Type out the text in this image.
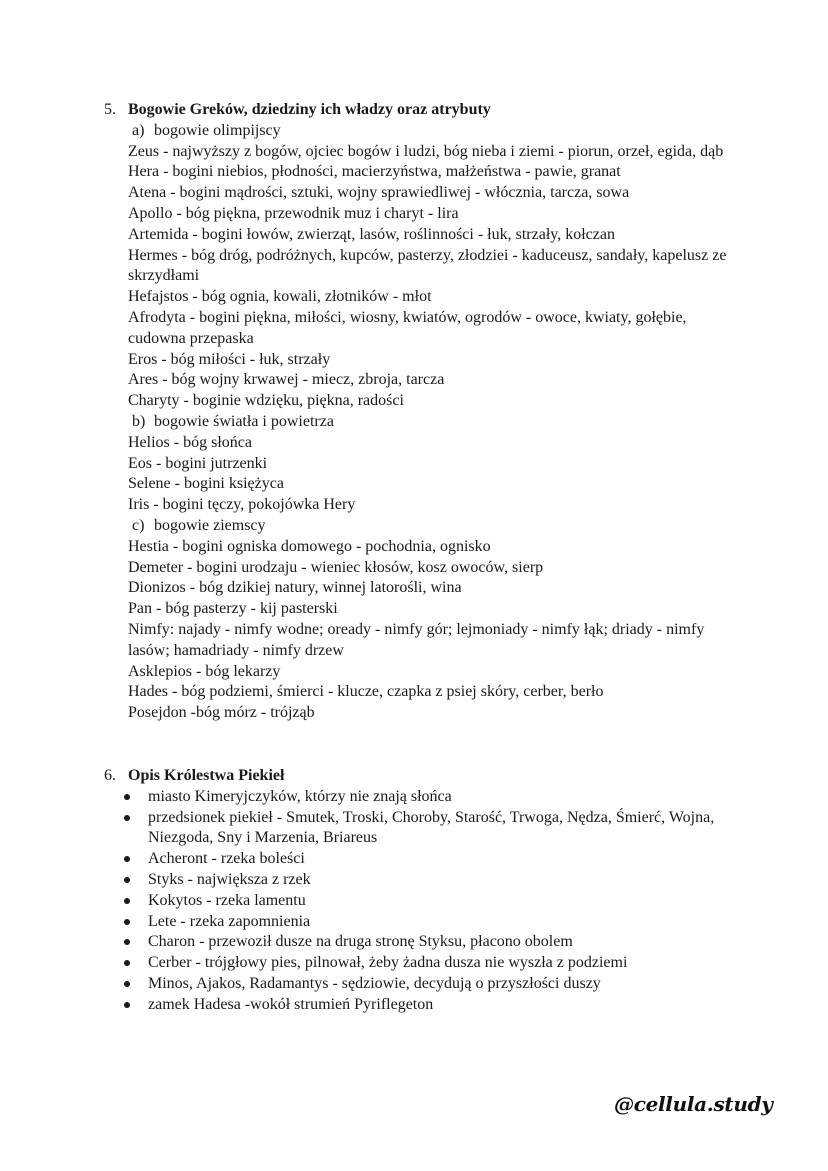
5. Bogowie Greków, dziedziny ich władzy oraz atrybuty
a) bogowie olimpijscy
Zeus - najwyższy z bogów, ojciec bogów i ludzi, bóg nieba i ziemi - piorun, orzeł, egida, dąb
Hera - bogini niebios, płodności, macierzyństwa, małżeństwa - pawie, granat
Atena - bogini mądrości, sztuki, wojny sprawiedliwej - włócznia, tarcza, sowa
Apollo - bóg piękna, przewodnik muz i charyt - lira
Artemida - bogini łowów, zwierząt, lasów, roślinności - łuk, strzały, kołczan
Hermes - bóg dróg, podróżnych, kupców, pasterzy, złodziei - kaduceusz, sandały, kapelusz ze skrzydłami
Hefajstos - bóg ognia, kowali, złotników - młot
Afrodyta - bogini piękna, miłości, wiosny, kwiatów, ogrodów - owoce, kwiaty, gołębie, cudowna przepaska
Eros - bóg miłości - łuk, strzały
Ares - bóg wojny krwawej - miecz, zbroja, tarcza
Charyty - boginie wdzięku, piękna, radości
b) bogowie światła i powietrza
Helios - bóg słońca
Eos - bogini jutrzenki
Selene - bogini księżyca
Iris - bogini tęczy, pokojówka Hery
c) bogowie ziemscy
Hestia - bogini ogniska domowego - pochodnia, ognisko
Demeter - bogini urodzaju - wieniec kłosów, kosz owoców, sierp
Dionizos - bóg dzikiej natury, winnej latorośli, wina
Pan - bóg pasterzy - kij pasterski
Nimfy: najady - nimfy wodne; oready - nimfy gór; lejmoniady - nimfy łąk; driady - nimfy lasów; hamadriady - nimfy drzew
Asklepios - bóg lekarzy
Hades - bóg podziemi, śmierci - klucze, czapka z psiej skóry, cerber, berło
Posejdon -bóg mórz - trójząb
6. Opis Królestwa Piekieł
miasto Kimeryjczyków, którzy nie znają słońca
przedsionek piekieł - Smutek, Troski, Choroby, Starość, Trwoga, Nędza, Śmierć, Wojna, Niezgoda, Sny i Marzenia, Briareus
Acheront - rzeka boleści
Styks - największa z rzek
Kokytos - rzeka lamentu
Lete - rzeka zapomnienia
Charon - przewoził dusze na druga stronę Styksu, płacono obolem
Cerber - trójgłowy pies, pilnował, żeby żadna dusza nie wyszła z podziemi
Minos, Ajakos, Radamantys - sędziowie, decydują o przyszłości duszy
zamek Hadesa -wokół strumień Pyriflegeton
@cellula.study
